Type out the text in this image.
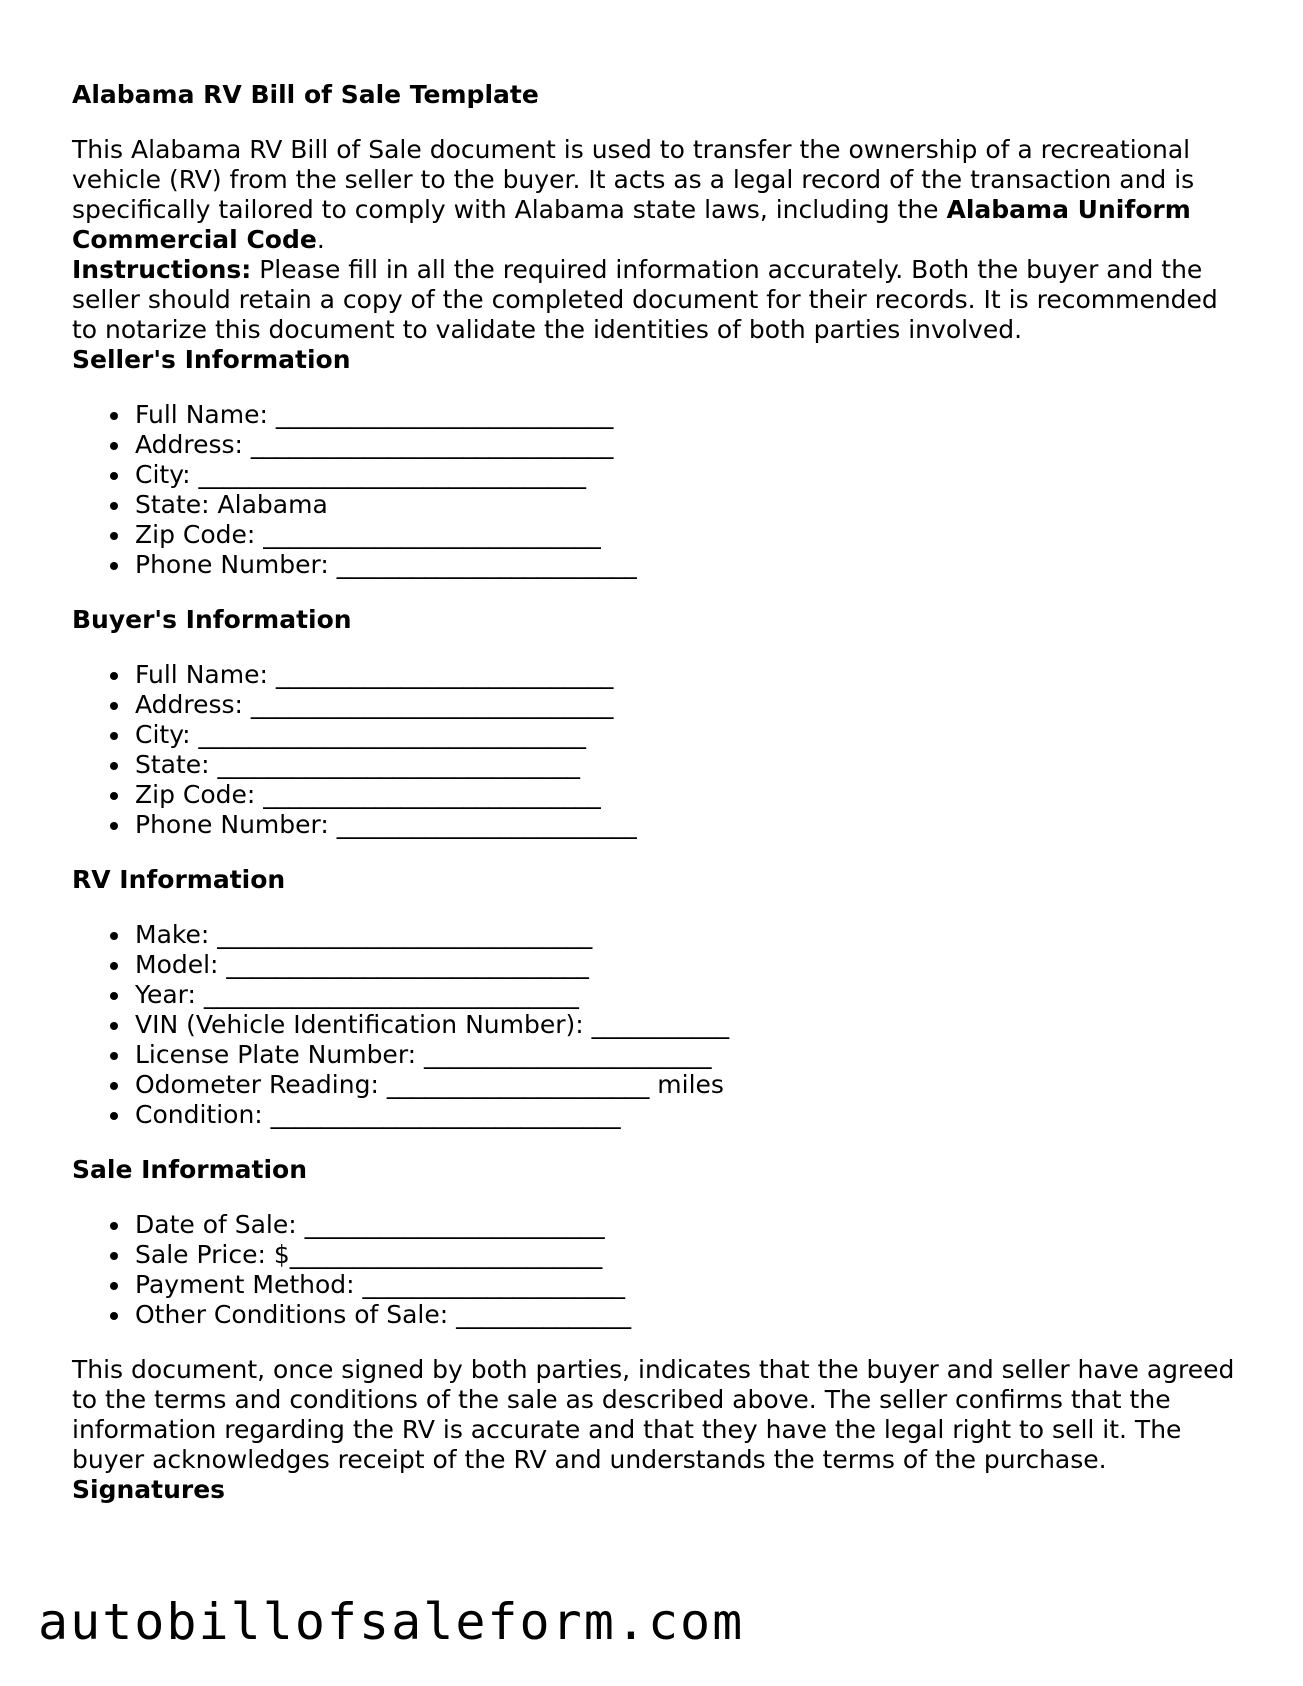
Alabama RV Bill of Sale Template

This Alabama RV Bill of Sale document is used to transfer the ownership of a recreational vehicle (RV) from the seller to the buyer. It acts as a legal record of the transaction and is specifically tailored to comply with Alabama state laws, including the Alabama Uniform Commercial Code.

Instructions: Please fill in all the required information accurately. Both the buyer and the seller should retain a copy of the completed document for their records. It is recommended to notarize this document to validate the identities of both parties involved.

Seller's Information
Full Name: ___________________________
Address: _____________________________
City: _______________________________
State: Alabama
Zip Code: ___________________________
Phone Number: ________________________
Buyer's Information
Full Name: ___________________________
Address: _____________________________
City: _______________________________
State: _____________________________
Zip Code: ___________________________
Phone Number: ________________________
RV Information
Make: ______________________________
Model: _____________________________
Year: ______________________________
VIN (Vehicle Identification Number): ___________
License Plate Number: _______________________
Odometer Reading: _____________________ miles
Condition: ____________________________
Sale Information
Date of Sale: ________________________
Sale Price: $_________________________
Payment Method: _____________________
Other Conditions of Sale: ______________

This document, once signed by both parties, indicates that the buyer and seller have agreed to the terms and conditions of the sale as described above. The seller confirms that the information regarding the RV is accurate and that they have the legal right to sell it. The buyer acknowledges receipt of the RV and understands the terms of the purchase.

Signatures
autobillofsaleform.com
